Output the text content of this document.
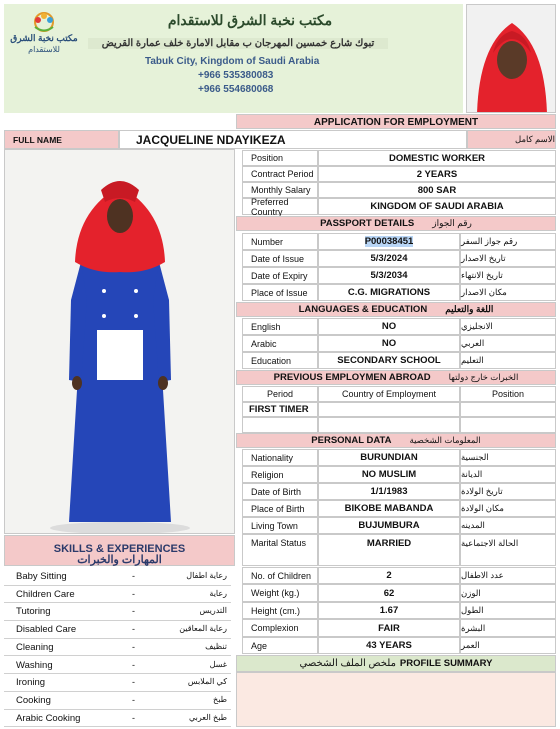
مكتب نخبة الشرق
للاستقدام
مكتب نخبة الشرق للاستقدام
تبوك شارع خمسين المهرجان ب مقابل الامارة خلف عمارة القريض
Tabuk City, Kingdom of Saudi Arabia
+966 535380083
+966 554680068
APPLICATION FOR EMPLOYMENT
FULL NAME	JACQUELINE NDAYIKEZA	الاسم كامل
Position	DOMESTIC WORKER
Contract Period	2 YEARS
Monthly Salary	800 SAR
Preferred Country	KINGDOM OF SAUDI ARABIA
PASSPORT DETAILS رقم الجواز
Number	P00038451	رقم جواز السفر
Date of Issue	5/3/2024	تاريخ الاصدار
Date of Expiry	5/3/2034	تاريخ الانتهاء
Place of Issue	C.G. MIGRATIONS	مكان الاصدار
LANGUAGES & EDUCATION اللغة والتعليم
English	NO	الانجليزي
Arabic	NO	العربي
Education	SECONDARY SCHOOL	التعليم
PREVIOUS EMPLOYMEN ABROAD الخبرات خارج دولتها
Period	Country of Employment	Position
FIRST TIMER
PERSONAL DATA المعلومات الشخصية
Nationality	BURUNDIAN	الجنسية
Religion	NO MUSLIM	الديانة
Date of Birth	1/1/1983	تاريخ الولادة
Place of Birth	BIKOBE MABANDA	مكان الولادة
Living Town	BUJUMBURA	المدينه
Marital Status	MARRIED	الحالة الاجتماعية
No. of Children	2	عدد الاطفال
Weight (kg.)	62	الوزن
Height (cm.)	1.67	الطول
Complexion	FAIR	البشرة
Age	43 YEARS	العمر
ملخص الملف الشخصي PROFILE SUMMARY
SKILLS & EXPERIENCES
المهارات والخبرات
Baby Sitting	-	رعاية اطفال
Children Care	-	رعاية
Tutoring	-	التدريس
Disabled Care	-	رعاية المعاقين
Cleaning	-	تنظيف
Washing	-	غسل
Ironing	-	كي الملابس
Cooking	-	طبخ
Arabic Cooking	-	طبخ العربي
